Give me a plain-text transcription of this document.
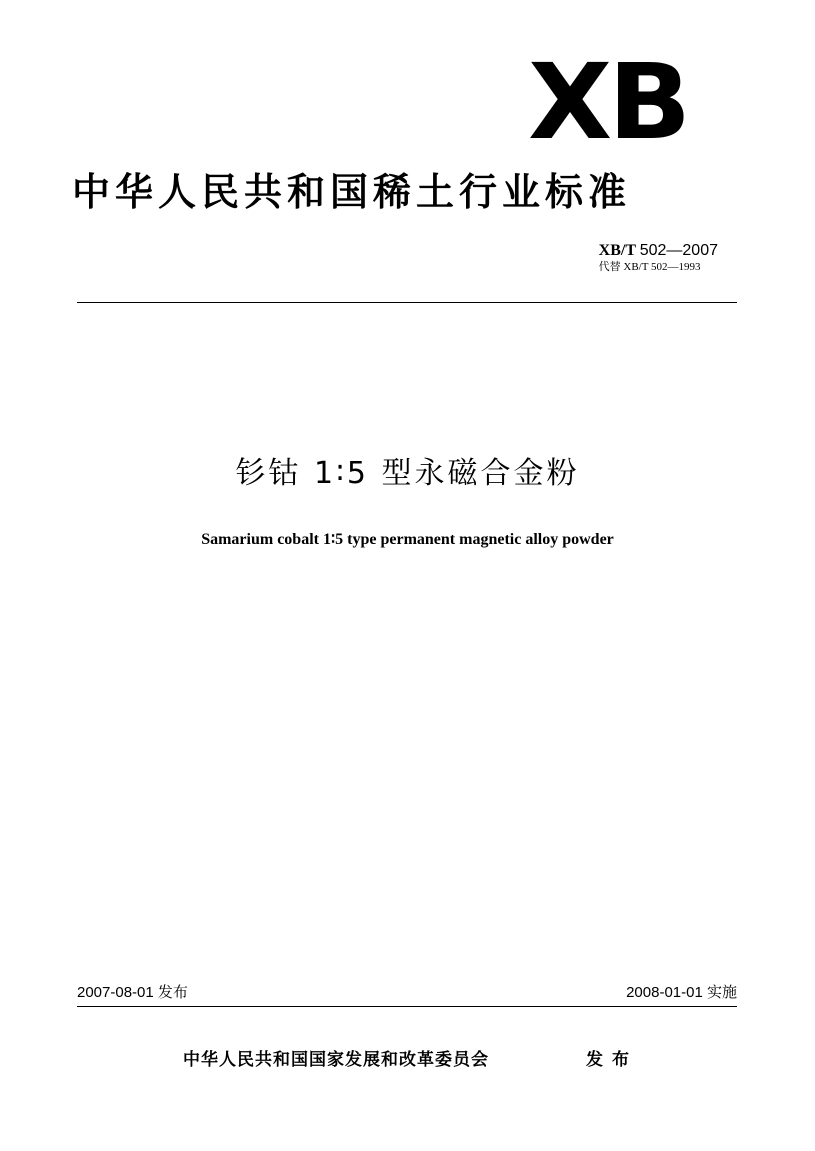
XB
中华人民共和国稀土行业标准
XB/T 502—2007
代替 XB/T 502—1993
钐钴 1∶5 型永磁合金粉
Samarium cobalt 1∶5 type permanent magnetic alloy powder
2007-08-01 发布	2008-01-01 实施
中华人民共和国国家发展和改革委员会	发布
